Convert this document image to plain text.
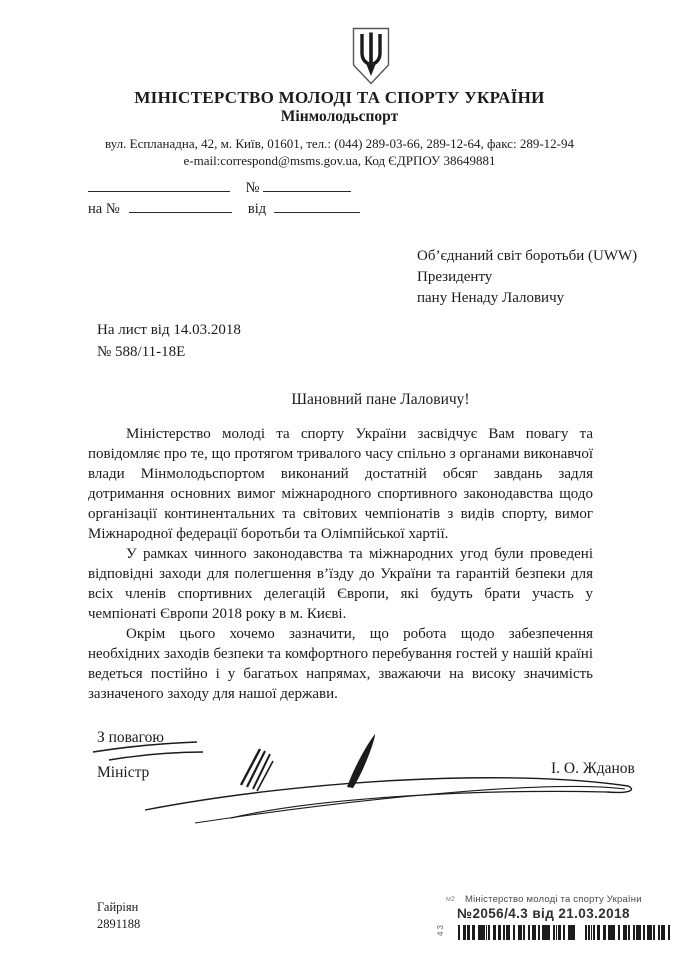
МІНІСТЕРСТВО МОЛОДІ ТА СПОРТУ УКРАЇНИ
Мінмолодьспорт
вул. Еспланадна, 42, м. Київ, 01601, тел.: (044) 289-03-66, 289-12-64, факс: 289-12-94
e-mail:correspond@msms.gov.ua, Код ЄДРПОУ 38649881
№
на №	від
Об’єднаний світ боротьби (UWW)
Президенту
пану Ненаду Лаловичу
На лист від 14.03.2018
№ 588/11-18Е
Шановний пане Лаловичу!

Міністерство молоді та спорту України засвідчує Вам повагу та повідомляє про те, що протягом тривалого часу спільно з органами виконавчої влади Мінмолодьспортом виконаний достатній обсяг завдань задля дотримання основних вимог міжнародного спортивного законодавства щодо організації континентальних та світових чемпіонатів з видів спорту, вимог Міжнародної федерації боротьби та Олімпійської хартії.

У рамках чинного законодавства та міжнародних угод були проведені відповідні заходи для полегшення в’їзду до України та гарантій безпеки для всіх членів спортивних делегацій Європи, які будуть брати участь у чемпіонаті Європи 2018 року в м. Києві.

Окрім цього хочемо зазначити, що робота щодо забезпечення необхідних заходів безпеки та комфортного перебування гостей у нашій країні ведеться постійно і у багатьох напрямах, зважаючи на високу значимість зазначеного заходу для нашої держави.

З повагою
Міністр	І. О. Жданов
Гайріян
2891188
м2 Міністерство молоді та спорту України
№2056/4.3 від 21.03.2018
43
